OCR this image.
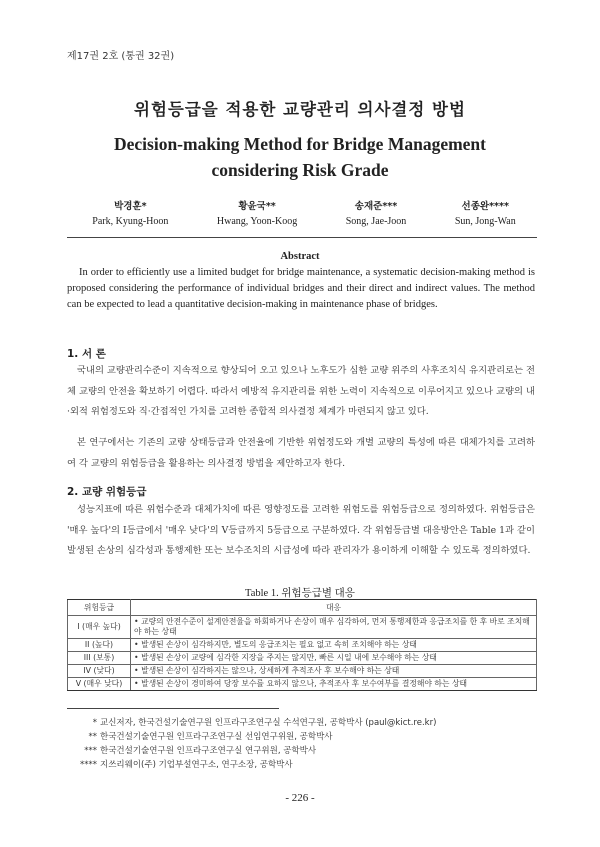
제17권 2호 (통권 32권)
위험등급을 적용한 교량관리 의사결정 방법
Decision-making Method for Bridge Management
considering Risk Grade
박경훈*
Park, Kyung-Hoon
황윤국**
Hwang, Yoon-Koog
송재준***
Song, Jae-Joon
선종완****
Sun, Jong-Wan
Abstract
In order to efficiently use a limited budget for bridge maintenance, a systematic decision-making method is proposed considering the performance of individual bridges and their direct and indirect values. The method can be expected to lead a quantitative decision-making in maintenance phase of bridges.
1. 서 론
국내의 교량관리수준이 지속적으로 향상되어 오고 있으나 노후도가 심한 교량 위주의 사후조치식 유지관리로는 전체 교량의 안전을 확보하기 어렵다. 따라서 예방적 유지관리를 위한 노력이 지속적으로 이루어지고 있으나 교량의 내·외적 위험정도와 직·간접적인 가치를 고려한 종합적 의사결정 체계가 마련되지 않고 있다.
본 연구에서는 기존의 교량 상태등급과 안전율에 기반한 위험정도와 개별 교량의 특성에 따른 대체가치를 고려하여 각 교량의 위험등급을 활용하는 의사결정 방법을 제안하고자 한다.
2. 교량 위험등급
성능지표에 따른 위험수준과 대체가치에 따른 영향정도를 고려한 위험도를 위험등급으로 정의하였다. 위험등급은 '매우 높다'의 I등급에서 '매우 낮다'의 V등급까지 5등급으로 구분하였다. 각 위험등급별 대응방안은 Table 1과 같이 발생된 손상의 심각성과 통행제한 또는 보수조치의 시급성에 따라 관리자가 용이하게 이해할 수 있도록 정의하였다.
Table 1. 위험등급별 대응
위험등급	대응
I (매우 높다)	• 교량의 안전수준이 설계안전율을 하회하거나 손상이 매우 심각하여, 먼저 통행제한과 응급조치를 한 후 바로 조치해야 하는 상태
II (높다)	• 발생된 손상이 심각하지만, 별도의 응급조치는 필요 없고 속히 조치해야 하는 상태
III (보통)	• 발생된 손상이 교량에 심각한 지장을 주지는 않지만, 빠른 시일 내에 보수해야 하는 상태
IV (낮다)	• 발생된 손상이 심각하지는 않으나, 상세하게 추적조사 후 보수해야 하는 상태
V (매우 낮다)	• 발생된 손상이 경미하여 당장 보수를 요하지 않으나, 추적조사 후 보수여부를 결정해야 하는 상태
* 교신저자, 한국건설기술연구원 인프라구조연구실 수석연구원, 공학박사 (paul@kict.re.kr)
** 한국건설기술연구원 인프라구조연구실 선임연구위원, 공학박사
*** 한국건설기술연구원 인프라구조연구실 연구위원, 공학박사
**** 지쓰리웨이(주) 기업부설연구소, 연구소장, 공학박사
- 226 -
